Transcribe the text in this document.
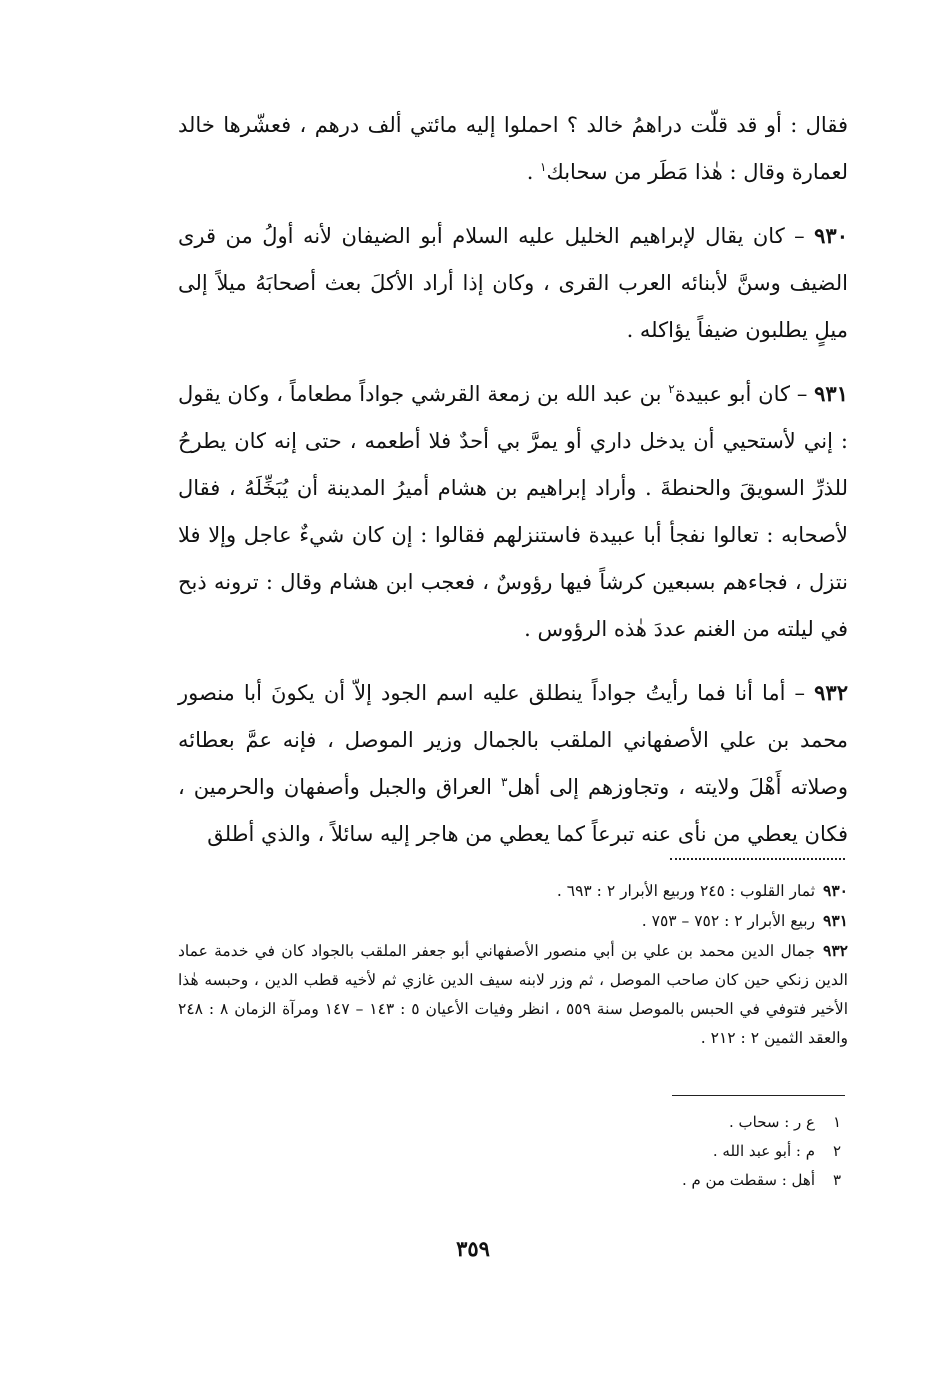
فقال : أو قد قلّت دراهمُ خالد ؟ احملوا إليه مائتي ألف درهم ، فعشّرها خالد لعمارة وقال : هٰذا مَطَر من سحابك$^١$ .

٩٣٠ – كان يقال لإبراهيم الخليل عليه السلام أبو الضيفان لأنه أولُ من قرى الضيف وسنَّ لأبنائه العرب القرى ، وكان إذا أراد الأكلَ بعث أصحابَهُ ميلاً إلى ميلٍ يطلبون ضيفاً يؤاكله .

٩٣١ – كان أبو عبيدة$^٢$ بن عبد الله بن زمعة القرشي جواداً مطعاماً ، وكان يقول : إني لأستحيي أن يدخل داري أو يمرَّ بي أحدٌ فلا أطعمه ، حتى إنه كان يطرحُ للذرِّ السويقَ والحنطةَ . وأراد إبراهيم بن هشام أميرُ المدينة أن يُبَخِّلَهُ ، فقال لأصحابه : تعالوا نفجأ أبا عبيدة فاستنزلهم فقالوا : إن كان شيءٌ عاجل وإلا فلا نتزل ، فجاءهم بسبعين كرشاً فيها رؤوسٌ ، فعجب ابن هشام وقال : ترونه ذبح في ليلته من الغنم عددَ هٰذه الرؤوس .

٩٣٢ – أما أنا فما رأيتُ جواداً ينطلق عليه اسم الجود إلاّ أن يكونَ أبا منصور محمد بن علي الأصفهاني الملقب بالجمال وزير الموصل ، فإنه عمَّ بعطائه وصلاته أَهْلَ ولايته ، وتجاوزهم إلى أهل$^٣$ العراق والجبل وأصفهان والحرمين ، فكان يعطي من نأى عنه تبرعاً كما يعطي من هاجر إليه سائلاً ، والذي أطلق

٩٣٠ثمار القلوب : ٢٤٥ وربيع الأبرار ٢ : ٦٩٣ .

٩٣١ربيع الأبرار ٢ : ٧٥٢ – ٧٥٣ .

٩٣٢جمال الدين محمد بن علي بن أبي منصور الأصفهاني أبو جعفر الملقب بالجواد كان في خدمة عماد الدين زنكي حين كان صاحب الموصل ، ثم وزر لابنه سيف الدين غازي ثم لأخيه قطب الدين ، وحبسه هٰذا الأخير فتوفي في الحبس بالموصل سنة ٥٥٩ ، انظر وفيات الأعيان ٥ : ١٤٣ – ١٤٧ ومرآة الزمان ٨ : ٢٤٨ والعقد الثمين ٢ : ٢١٢ .

١ع ر : سحاب .

٢م : أبو عبد الله .

٣أهل : سقطت من م .

٣٥٩
